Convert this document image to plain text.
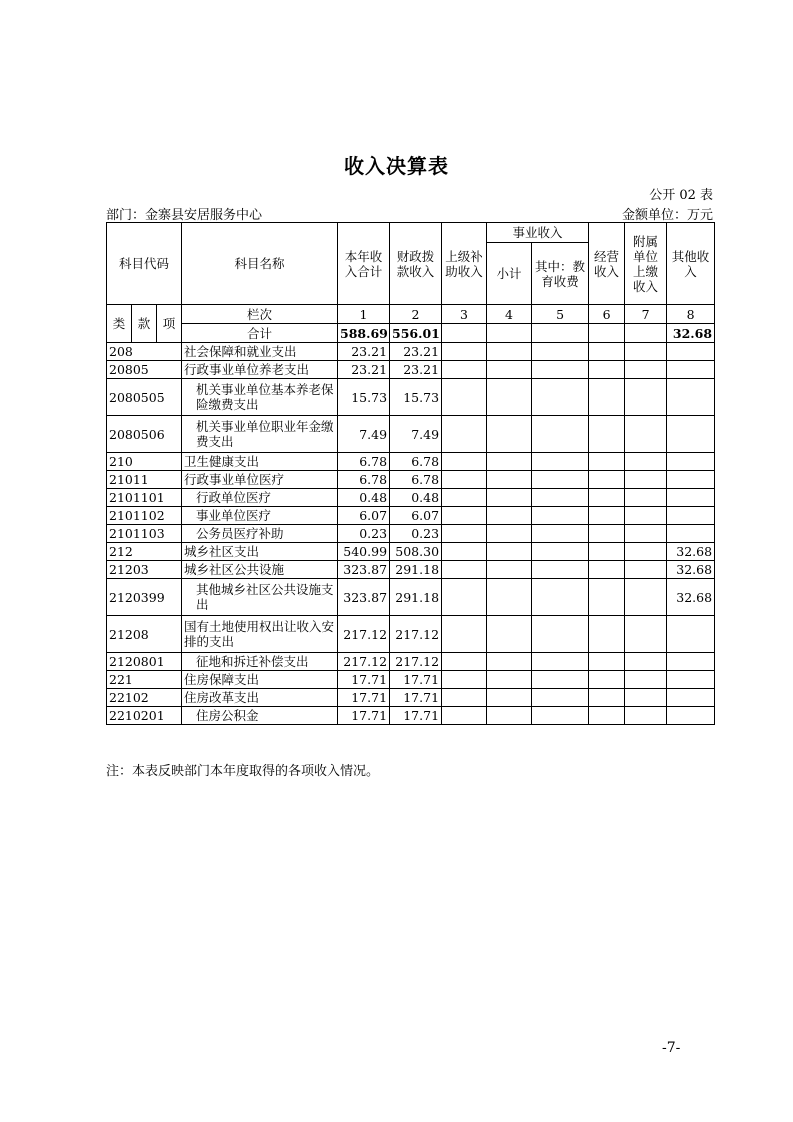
收入决算表
公开 02 表
部门：金寨县安居服务中心	金额单位：万元
科目代码			科目名称	本年收入合计	财政拨款收入	上级补助收入	事业收入		经营收入	附属单位上缴收入	其他收入
							小计	其中：教育收费			
类	款	项	栏次	1	2	3	4	5	6	7	8
			合计	588.69	556.01						32.68
208			社会保障和就业支出	23.21	23.21						
20805			行政事业单位养老支出	23.21	23.21						
2080505			机关事业单位基本养老保险缴费支出	15.73	15.73						
2080506			机关事业单位职业年金缴费支出	7.49	7.49						
210			卫生健康支出	6.78	6.78						
21011			行政事业单位医疗	6.78	6.78						
2101101			行政单位医疗	0.48	0.48						
2101102			事业单位医疗	6.07	6.07						
2101103			公务员医疗补助	0.23	0.23						
212			城乡社区支出	540.99	508.30						32.68
21203			城乡社区公共设施	323.87	291.18						32.68
2120399			其他城乡社区公共设施支出	323.87	291.18						32.68
21208			国有土地使用权出让收入安排的支出	217.12	217.12						
2120801			征地和拆迁补偿支出	217.12	217.12						
221			住房保障支出	17.71	17.71						
22102			住房改革支出	17.71	17.71						
2210201			住房公积金	17.71	17.71						
注：本表反映部门本年度取得的各项收入情况。
-7-
